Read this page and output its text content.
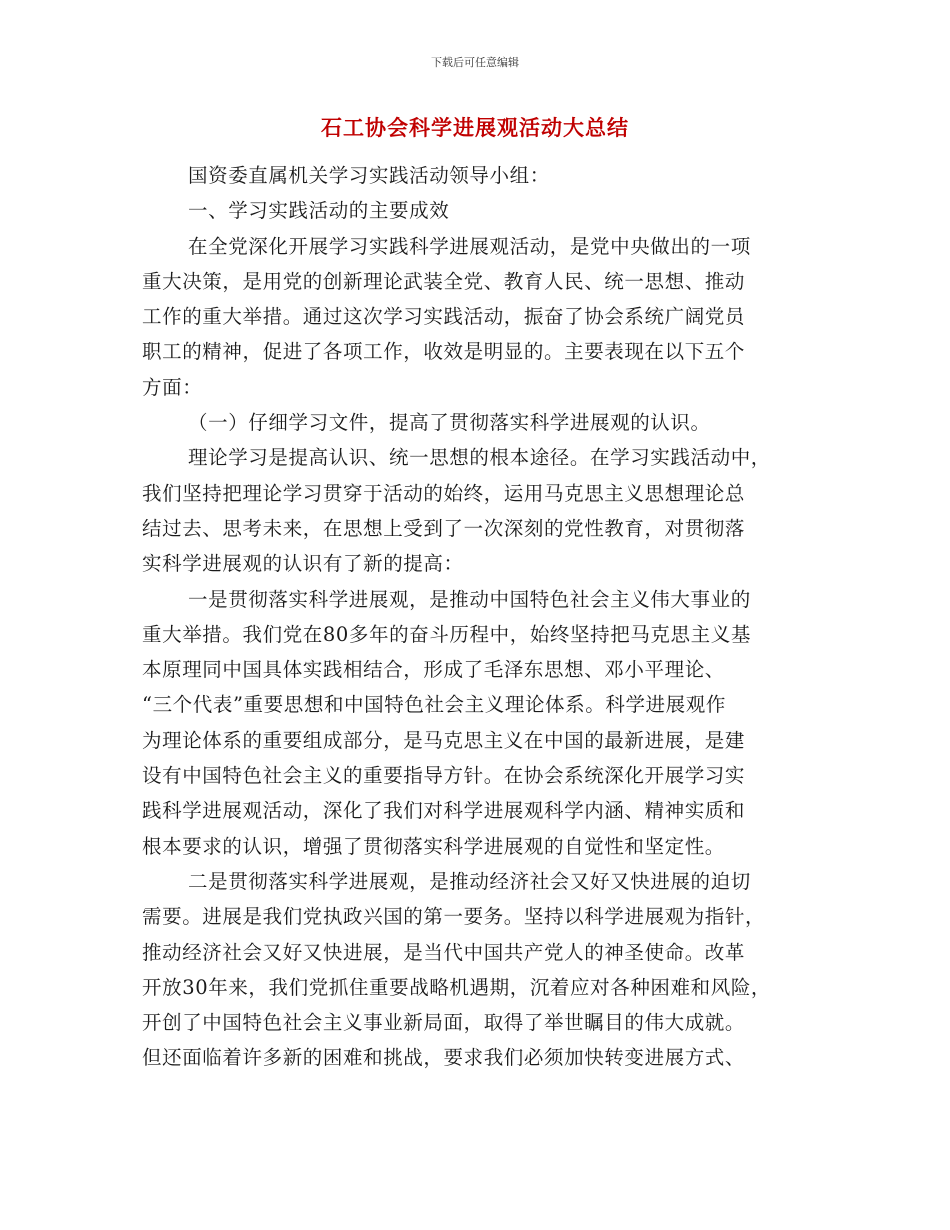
下载后可任意编辑
石工协会科学进展观活动大总结
国资委直属机关学习实践活动领导小组：
一、学习实践活动的主要成效
在全党深化开展学习实践科学进展观活动，是党中央做出的一项
重大决策，是用党的创新理论武装全党、教育人民、统一思想、推动
工作的重大举措。通过这次学习实践活动，振奋了协会系统广阔党员
职工的精神，促进了各项工作，收效是明显的。主要表现在以下五个
方面：
（一）仔细学习文件，提高了贯彻落实科学进展观的认识。
理论学习是提高认识、统一思想的根本途径。在学习实践活动中，
我们坚持把理论学习贯穿于活动的始终，运用马克思主义思想理论总
结过去、思考未来，在思想上受到了一次深刻的党性教育，对贯彻落
实科学进展观的认识有了新的提高：
一是贯彻落实科学进展观，是推动中国特色社会主义伟大事业的
重大举措。我们党在80多年的奋斗历程中，始终坚持把马克思主义基
本原理同中国具体实践相结合，形成了毛泽东思想、邓小平理论、
“三个代表”重要思想和中国特色社会主义理论体系。科学进展观作
为理论体系的重要组成部分，是马克思主义在中国的最新进展，是建
设有中国特色社会主义的重要指导方针。在协会系统深化开展学习实
践科学进展观活动，深化了我们对科学进展观科学内涵、精神实质和
根本要求的认识，增强了贯彻落实科学进展观的自觉性和坚定性。
二是贯彻落实科学进展观，是推动经济社会又好又快进展的迫切
需要。进展是我们党执政兴国的第一要务。坚持以科学进展观为指针，
推动经济社会又好又快进展，是当代中国共产党人的神圣使命。改革
开放30年来，我们党抓住重要战略机遇期，沉着应对各种困难和风险，
开创了中国特色社会主义事业新局面，取得了举世瞩目的伟大成就。
但还面临着许多新的困难和挑战，要求我们必须加快转变进展方式、
